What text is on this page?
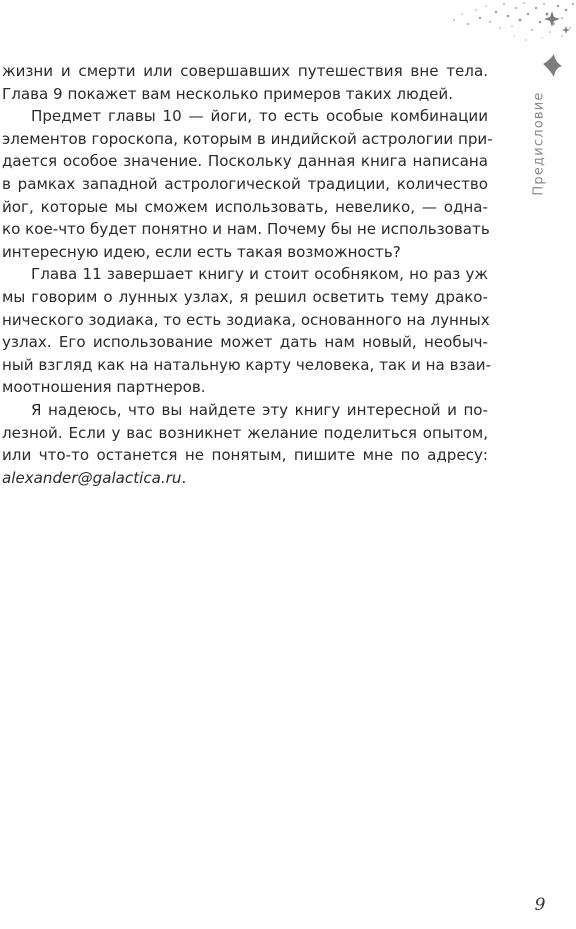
Предисловие
жизни и смерти или совершавших путешествия вне тела.
Глава 9 покажет вам несколько примеров таких людей.
Предмет главы 10 — йоги, то есть особые комбинации
элементов гороскопа, которым в индийской астрологии при-
дается особое значение. Поскольку данная книга написана
в рамках западной астрологической традиции, количество
йог, которые мы сможем использовать, невелико, — одна-
ко кое-что будет понятно и нам. Почему бы не использовать
интересную идею, если есть такая возможность?
Глава 11 завершает книгу и стоит особняком, но раз уж
мы говорим о лунных узлах, я решил осветить тему драко-
нического зодиака, то есть зодиака, основанного на лунных
узлах. Его использование может дать нам новый, необыч-
ный взгляд как на натальную карту человека, так и на взаи-
моотношения партнеров.
Я надеюсь, что вы найдете эту книгу интересной и по-
лезной. Если у вас возникнет желание поделиться опытом,
или что-то останется не понятым, пишите мне по адресу:
alexander@galactica.ru.
9
